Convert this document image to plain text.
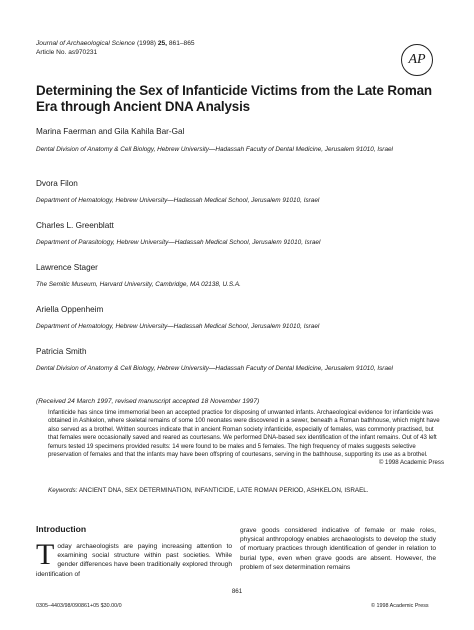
Journal of Archaeological Science (1998) 25, 861–865
Article No. as970231	AP
Determining the Sex of Infanticide Victims from the Late Roman Era through Ancient DNA Analysis
Marina Faerman and Gila Kahila Bar-Gal
Dental Division of Anatomy & Cell Biology, Hebrew University—Hadassah Faculty of Dental Medicine, Jerusalem 91010, Israel
Dvora Filon
Department of Hematology, Hebrew University—Hadassah Medical School, Jerusalem 91010, Israel
Charles L. Greenblatt
Department of Parasitology, Hebrew University—Hadassah Medical School, Jerusalem 91010, Israel
Lawrence Stager
The Semitic Museum, Harvard University, Cambridge, MA 02138, U.S.A.
Ariella Oppenheim
Department of Hematology, Hebrew University—Hadassah Medical School, Jerusalem 91010, Israel
Patricia Smith
Dental Division of Anatomy & Cell Biology, Hebrew University—Hadassah Faculty of Dental Medicine, Jerusalem 91010, Israel
(Received 24 March 1997, revised manuscript accepted 18 November 1997)
Infanticide has since time immemorial been an accepted practice for disposing of unwanted infants. Archaeological evidence for infanticide was obtained in Ashkelon, where skeletal remains of some 100 neonates were discovered in a sewer, beneath a Roman bathhouse, which might have also served as a brothel. Written sources indicate that in ancient Roman society infanticide, especially of females, was commonly practised, but that females were occasionally saved and reared as courtesans. We performed DNA-based sex identification of the infant remains. Out of 43 left femurs tested 19 specimens provided results: 14 were found to be males and 5 females. The high frequency of males suggests selective preservation of females and that the infants may have been offspring of courtesans, serving in the bathhouse, supporting its use as a brothel.
© 1998 Academic Press
Keywords: ANCIENT DNA, SEX DETERMINATION, INFANTICIDE, LATE ROMAN PERIOD, ASHKELON, ISRAEL.
Introduction
Today archaeologists are paying increasing attention to examining social structure within past societies. While gender differences have been traditionally explored through identification of
grave goods considered indicative of female or male roles, physical anthropology enables archaeologists to develop the study of mortuary practices through identification of gender in relation to burial type, even when grave goods are absent. However, the problem of sex determination remains
861
0305–4403/98/090861+05 $30.00/0	© 1998 Academic Press
